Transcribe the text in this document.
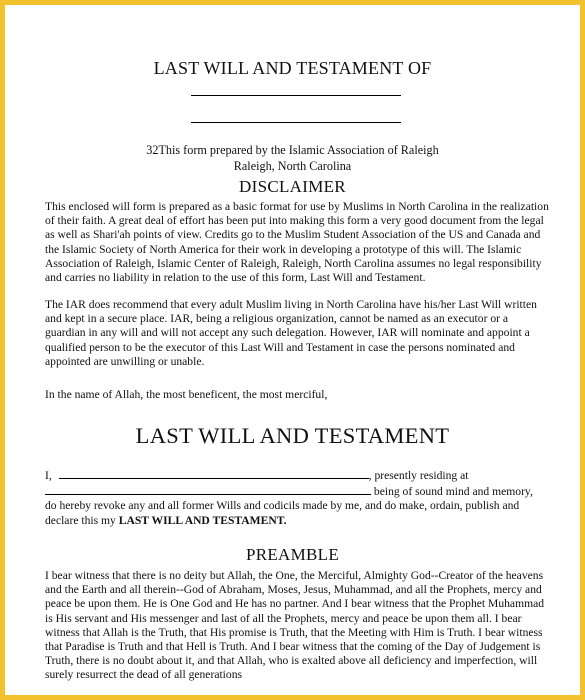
LAST WILL AND TESTAMENT OF
32This form prepared by the Islamic Association of Raleigh
Raleigh, North Carolina
DISCLAIMER

This enclosed will form is prepared as a basic format for use by Muslims in North Carolina in the realization of their faith. A great deal of effort has been put into making this form a very good document from the legal as well as Shari'ah points of view. Credits go to the Muslim Student Association of the US and Canada and the Islamic Society of North America for their work in developing a prototype of this will. The Islamic Association of Raleigh, Islamic Center of Raleigh, Raleigh, North Carolina assumes no legal responsibility and carries no liability in relation to the use of this form, Last Will and Testament.

The IAR does recommend that every adult Muslim living in North Carolina have his/her Last Will written and kept in a secure place. IAR, being a religious organization, cannot be named as an executor or a guardian in any will and will not accept any such delegation. However, IAR will nominate and appoint a qualified person to be the executor of this Last Will and Testament in case the persons nominated and appointed are unwilling or unable.

In the name of Allah, the most beneficent, the most merciful,

LAST WILL AND TESTAMENT
I,	, presently residing at
being of sound mind and memory,
do hereby revoke any and all former Wills and codicils made by me, and do make, ordain, publish and
declare this my LAST WILL AND TESTAMENT.
PREAMBLE

I bear witness that there is no deity but Allah, the One, the Merciful, Almighty God--Creator of the heavens and the Earth and all therein--God of Abraham, Moses, Jesus, Muhammad, and all the Prophets, mercy and peace be upon them. He is One God and He has no partner. And I bear witness that the Prophet Muhammad is His servant and His messenger and last of all the Prophets, mercy and peace be upon them all. I bear witness that Allah is the Truth, that His promise is Truth, that the Meeting with Him is Truth. I bear witness that Paradise is Truth and that Hell is Truth. And I bear witness that the coming of the Day of Judgement is Truth, there is no doubt about it, and that Allah, who is exalted above all deficiency and imperfection, will surely resurrect the dead of all generations
